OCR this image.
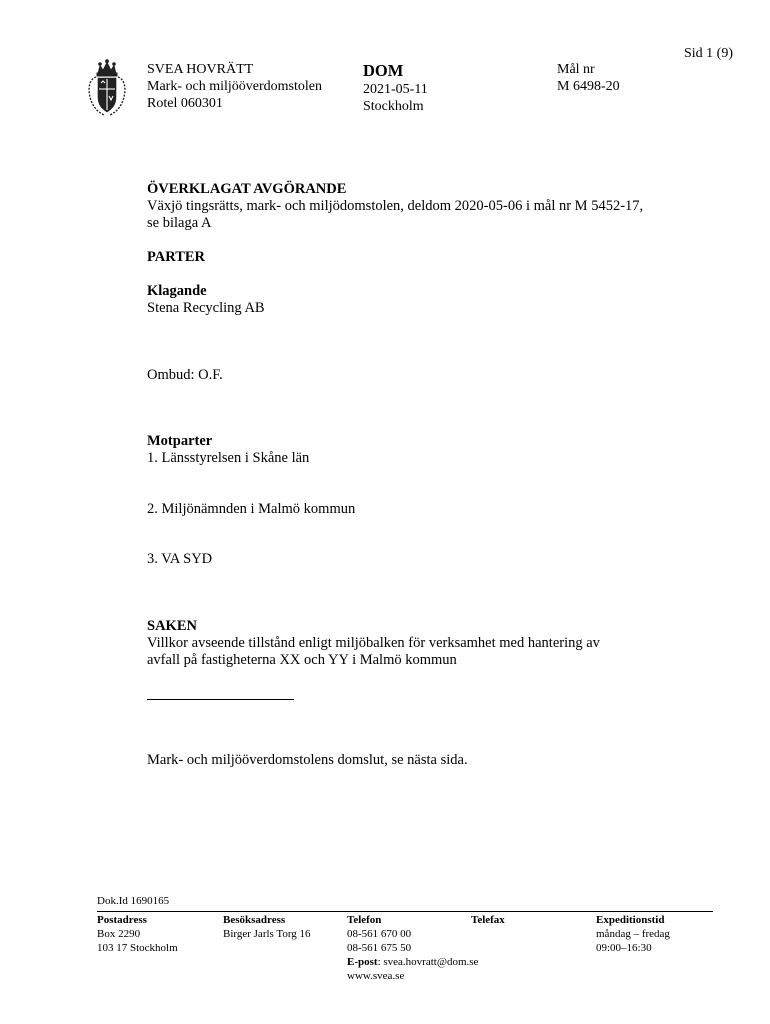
Sid 1 (9)
SVEA HOVRÄTT
Mark- och miljööverdomstolen
Rotel 060301
DOM
2021-05-11
Stockholm
Mål nr
M 6498-20
ÖVERKLAGAT AVGÖRANDE
Växjö tingsrätts, mark- och miljödomstolen, deldom 2020-05-06 i mål nr M 5452-17,
se bilaga A
PARTER
Klagande
Stena Recycling AB
Ombud: O.F.
Motparter
1. Länsstyrelsen i Skåne län
2. Miljönämnden i Malmö kommun
3. VA SYD
SAKEN
Villkor avseende tillstånd enligt miljöbalken för verksamhet med hantering av
avfall på fastigheterna XX och YY i Malmö kommun
Mark- och miljööverdomstolens domslut, se nästa sida.
Dok.Id 1690165
Postadress
Box 2290
103 17 Stockholm
Besöksadress
Birger Jarls Torg 16
Telefon
08-561 670 00
08-561 675 50
E-post: svea.hovratt@dom.se
www.svea.se
Telefax	Expeditionstid
måndag – fredag
09:00–16:30
